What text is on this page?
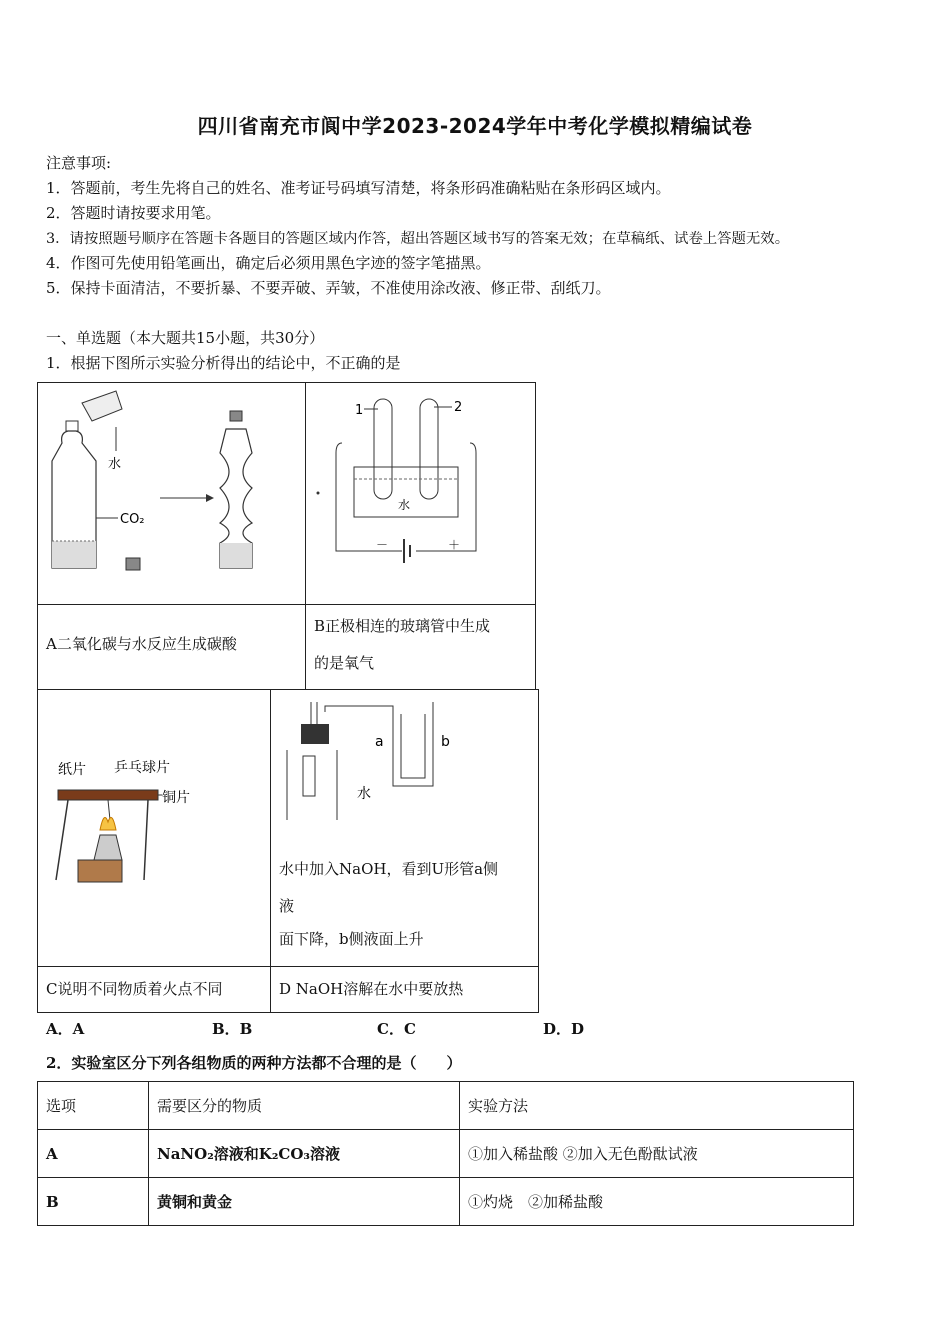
四川省南充市阆中学2023-2024学年中考化学模拟精编试卷
注意事项:
1．答题前，考生先将自己的姓名、准考证号码填写清楚，将条形码准确粘贴在条形码区域内。
2．答题时请按要求用笔。
3．请按照题号顺序在答题卡各题目的答题区域内作答，超出答题区域书写的答案无效；在草稿纸、试卷上答题无效。
4．作图可先使用铅笔画出，确定后必须用黑色字迹的签字笔描黑。
5．保持卡面清洁，不要折暴、不要弄破、弄皱，不准使用涂改液、修正带、刮纸刀。
一、单选题（本大题共15小题，共30分）
1．根据下图所示实验分析得出的结论中，不正确的是
水
CO₂
1	2
水
－	＋
A二氧化碳与水反应生成碳酸
B正极相连的玻璃管中生成
的是氧气
纸片 乒乓球片
铜片	水
a	b
水中加入NaOH，看到U形管a侧
液
面下降，b侧液面上升
C说明不同物质着火点不同	D NaOH溶解在水中要放热
A．A	B．B	C．C	D．D
2．实验室区分下列各组物质的两种方法都不合理的是（　　）
选项	需要区分的物质	实验方法
A	NaNO₂溶液和K₂CO₃溶液	①加入稀盐酸 ②加入无色酚酞试液
B	黄铜和黄金	①灼烧　②加稀盐酸
